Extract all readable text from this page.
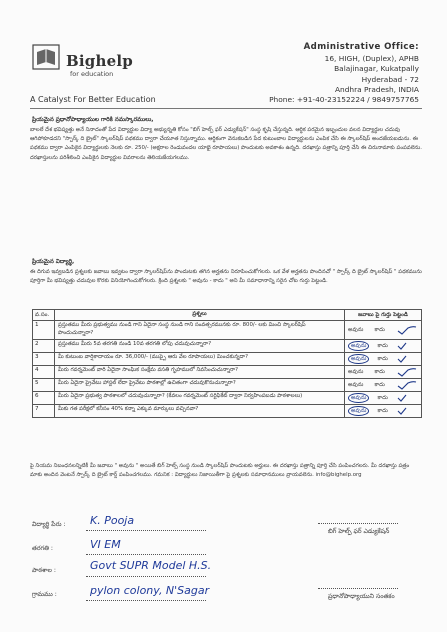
Bighelp
for education
A Catalyst For Better Education
Administrative Office:
16, HIGH, (Duplex), APHB
Balajinagar, Kukatpally
Hyderabad - 72
Andhra Pradesh, INDIA
Phone: +91-40-23152224 / 9849757765
ప్రియమైన ప్రధానోపాధ్యాయుల గారికి నమస్కారములు,
బాలలే దేశ భవిష్యత్తు అనే నినాదంతో పేద విద్యార్థుల విద్యా అభ్యున్నతి కోసం "బిగ్ హెల్ప్ ఫర్ ఎడ్యుకేషన్" సంస్థ కృషి చేస్తున్నది. ఆర్థిక పరమైన ఇబ్బందుల వలన విద్యార్థుల చదువు ఆగిపోకూడదని "స్పార్క్ ది బ్రైట్" స్కాలర్‌షిప్ పథకము ద్వారా చేయూత నిస్తున్నాము. ఆర్థికంగా వెనుకబడిన పేద కుటుంబాల విద్యార్థులను ఎంపిక చేసి ఈ స్కాలర్‌షిప్ అందజేయబడును. ఈ పథకము ద్వారా ఎంపికైన విద్యార్థులకు నెలకు రూ. 250/- (అక్షరాల రెండువందల యాభై రూపాయలు) పొందుటకు అవకాశం ఉన్నది. దరఖాస్తు పత్రాన్ని పూర్తి చేసి ఈ చిరునామాకు పంపవలెను. దరఖాస్తులను పరిశీలించి ఎంపికైన విద్యార్థుల వివరాలను తెలియజేయగలము.
ప్రియమైన విద్యార్థి,
ఈ దిగువ ఇవ్వబడిన ప్రశ్నలకు జవాబు ఇవ్వటం ద్వారా స్కాలర్‌షిప్‌ను పొందుటకు తగిన అర్హతను నిరూపించుకోగలరు. ఒక వేళ అర్హతను పొందినచో " స్పార్క్ ది బ్రైట్ స్కాలర్‌షిప్ " పథకమును పూర్తిగా మీ భవిష్యత్తు చదువుల కొరకు వినియోగించుకోగలరు. క్రింది ప్రశ్నలకు " అవును - కాదు " అని మీ సమాధానాన్ని సరైన చోట గుర్తు పెట్టండి.
వ.సం.	ప్రశ్నలు	జవాబు పై గుర్తు పెట్టండి
1	ప్రస్తుతము మీరు ప్రభుత్వము నుండి గాని ఏదైనా సంస్థ నుండి గాని సంవత్సరమునకు రూ. 800/- లకు మించి స్కాలర్‌షిప్ పొందుచున్నారా?	అవును కాదు
2	ప్రస్తుతము మీరు 5వ తరగతి నుండి 10వ తరగతి లోపు చదువుచున్నారా?	అవును	కాదు
3	మీ కుటుంబ వార్షికాదాయం రూ. 36,000/- (ముప్పై ఆరు వేల రూపాయలు) మించకున్నదా?	అవును	కాదు
4	మీరు గవర్నమెంట్ వారి ఏదైనా సాంఘిక సంక్షేమ వసతి గృహములో నివసించుచున్నారా?	అవును కాదు
5	మీరు ఏదైనా ప్రైవేటు హాస్టల్ లేదా ప్రైవేటు పాఠశాల్లో ఉచితంగా చదువుకొనుచున్నారా?	అవును కాదు
6	మీరు ఏదైనా ప్రభుత్వ పాఠశాలలో చదువుచున్నారా? (కేవలం గవర్నమెంట్ సర్టిఫికేట్ ద్వారా నిర్వహింపబడు పాఠశాలలు)	అవును	కాదు
7	మీకు గత పరీక్షలో కనీసం 40% కన్నా ఎక్కువ మార్కులు వచ్చినవా?	అవును	కాదు
పై నియమ నిబంధనలన్నిటికీ మీ జవాబు " అవును " అయితే బిగ్ హెల్ప్ సంస్థ నుండి స్కాలర్‌షిప్ పొందుటకు అర్హులు. ఈ దరఖాస్తు పత్రాన్ని పూర్తి చేసి పంపించగలరు. మీ దరఖాస్తు పత్రం మాకు అందిన వెంటనే స్పార్క్ ది బ్రైట్ కార్డ్ పంపించగలము. గమనిక : విద్యార్థులు నిజాయితీగా పై ప్రశ్నలకు సమాధానములు వ్రాయవలెను. info@bighelp.org
విద్యార్థి పేరు : K. Pooja
తరగతి :	VI EM
పాఠశాల :	Govt SUPR Model H.S.
గ్రామము :	pylon colony, N'Sagar
బిగ్ హెల్ప్ ఫర్ ఎడ్యుకేషన్
ప్రధానోపాధ్యాయుని సంతకం
